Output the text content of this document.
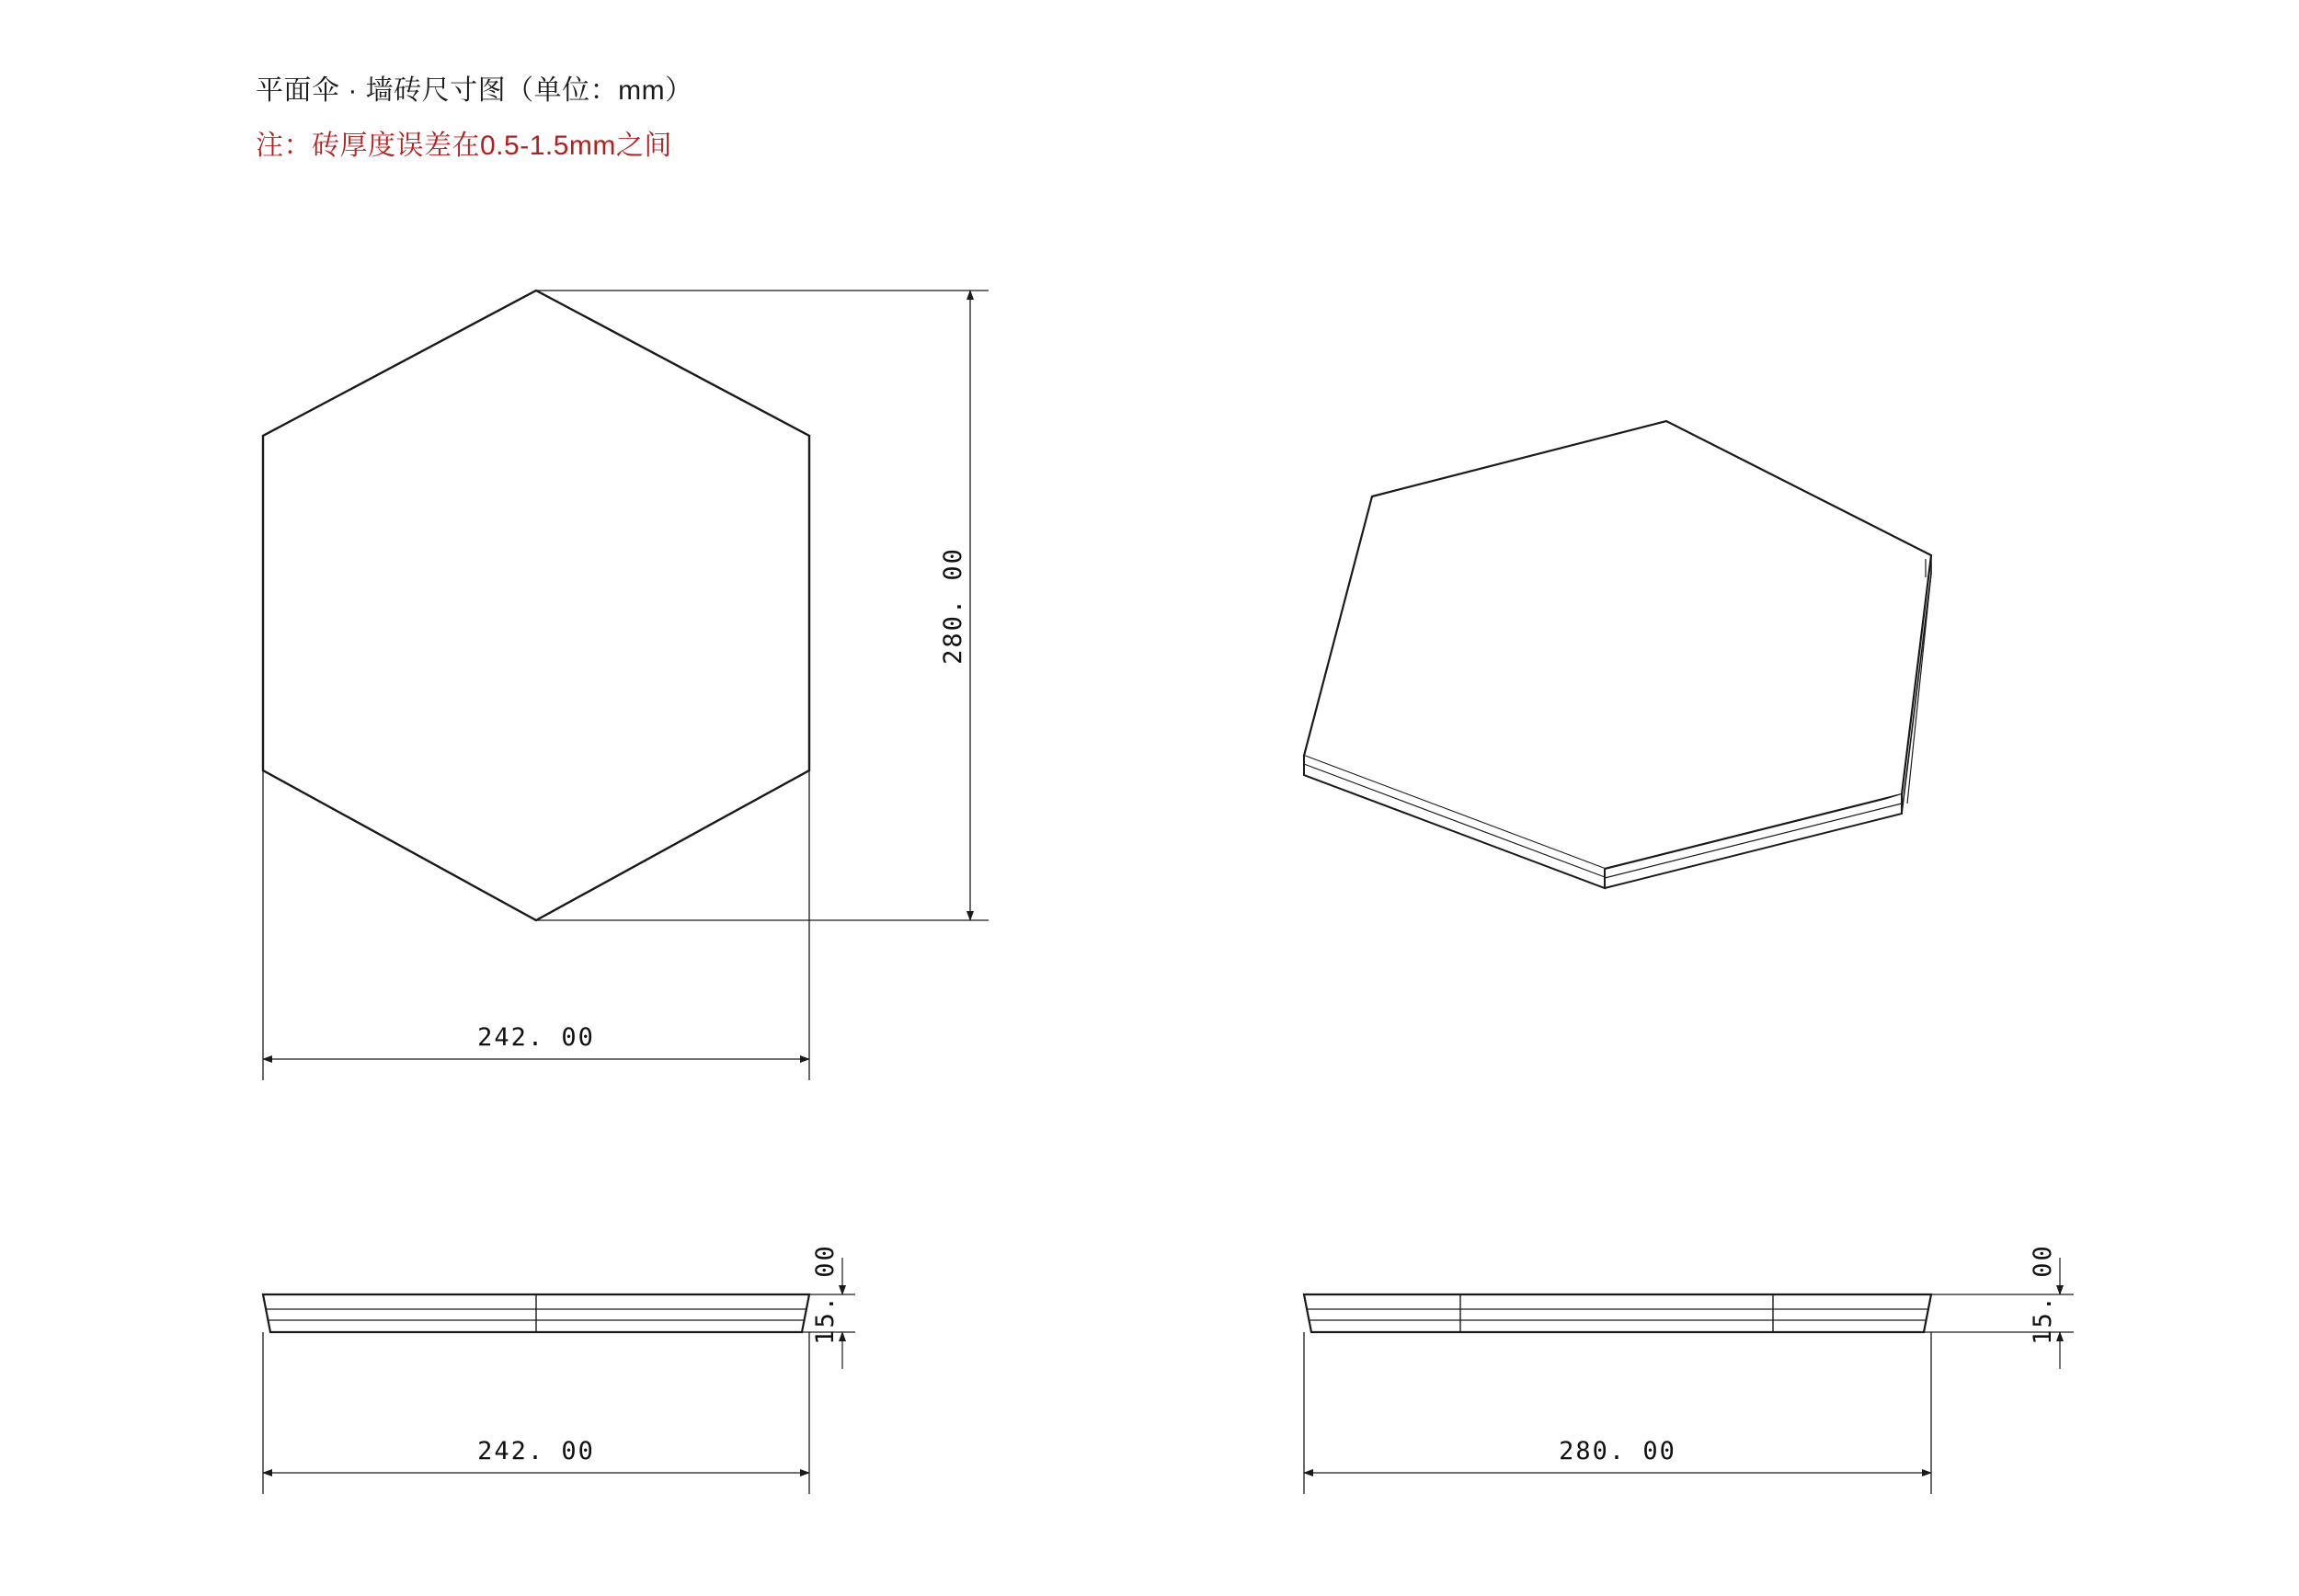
平面伞 · 墙砖尺寸图（单位：mm）
注：砖厚度误差在0.5-1.5mm之间
280. 00
242. 00
15. 00
242. 00
15. 00
280. 00
